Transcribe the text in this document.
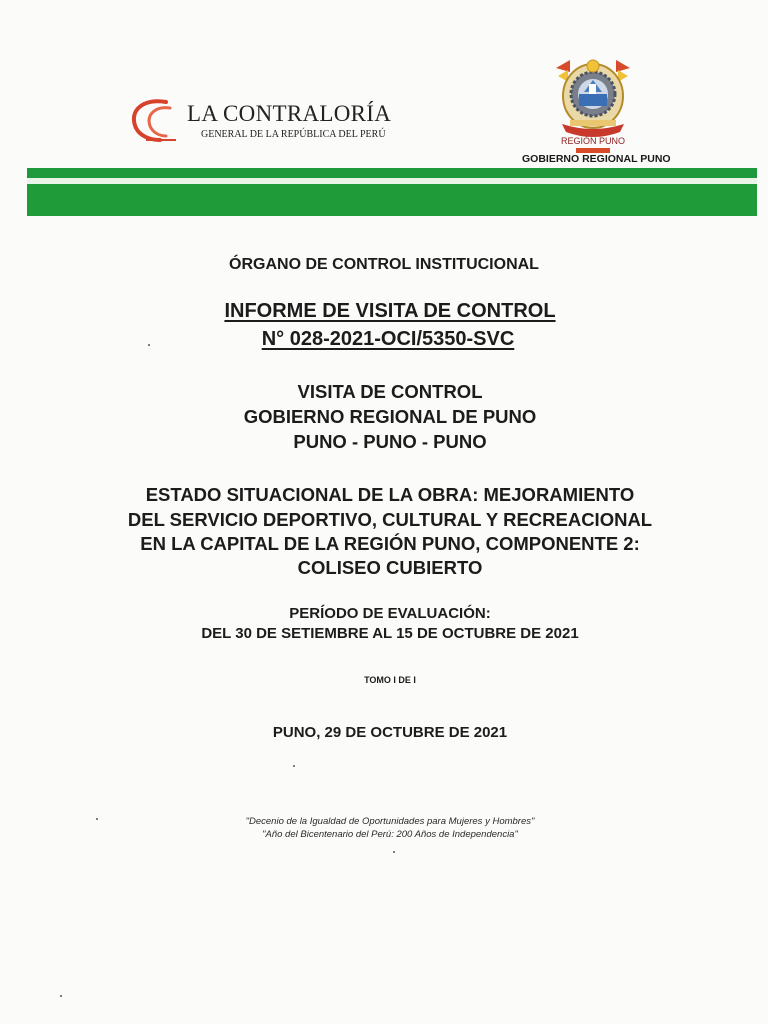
LA CONTRALORÍA
GENERAL DE LA REPÚBLICA DEL PERÚ
REGIÓN PUNO
GOBIERNO REGIONAL PUNO
ÓRGANO DE CONTROL INSTITUCIONAL
INFORME DE VISITA DE CONTROL
N° 028-2021-OCI/5350-SVC
VISITA DE CONTROL
GOBIERNO REGIONAL DE PUNO
PUNO - PUNO - PUNO
ESTADO SITUACIONAL DE LA OBRA: MEJORAMIENTO
DEL SERVICIO DEPORTIVO, CULTURAL Y RECREACIONAL
EN LA CAPITAL DE LA REGIÓN PUNO, COMPONENTE 2:
COLISEO CUBIERTO
PERÍODO DE EVALUACIÓN:
DEL 30 DE SETIEMBRE AL 15 DE OCTUBRE DE 2021
TOMO I DE I
PUNO, 29 DE OCTUBRE DE 2021
"Decenio de la Igualdad de Oportunidades para Mujeres y Hombres"
"Año del Bicentenario del Perú: 200 Años de Independencia"
